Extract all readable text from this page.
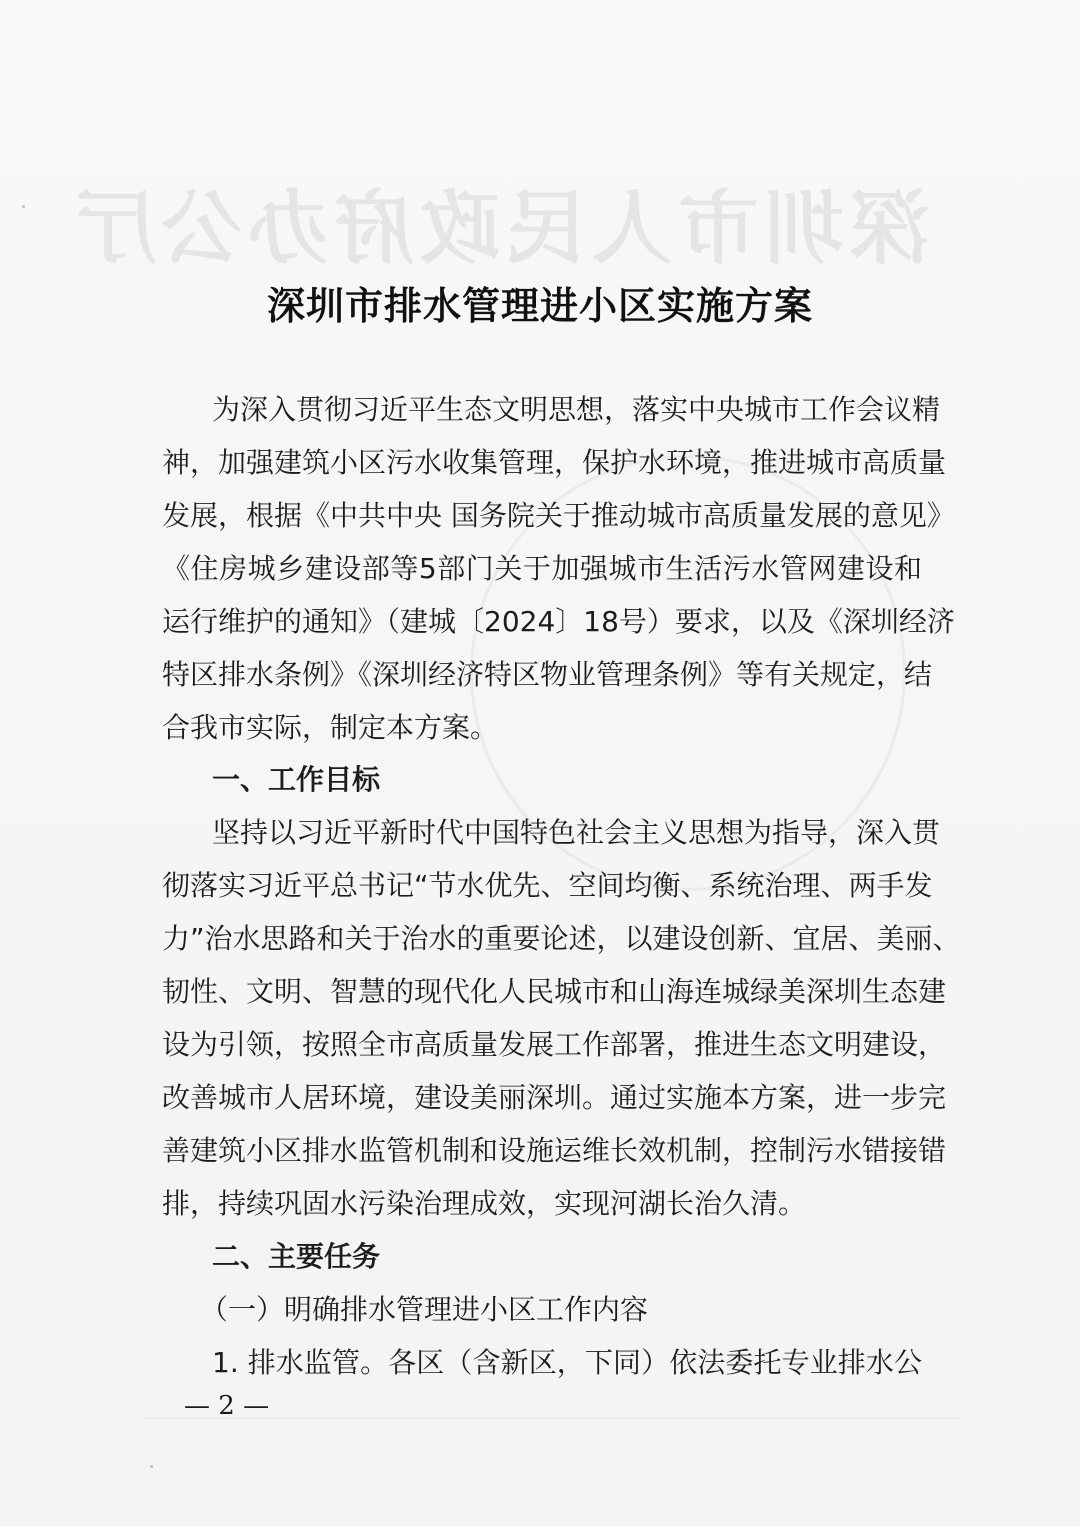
深圳市人民政府办公厅
深圳市排水管理进小区实施方案
为深入贯彻习近平生态文明思想，落实中央城市工作会议精
神，加强建筑小区污水收集管理，保护水环境，推进城市高质量
发展，根据《中共中央 国务院关于推动城市高质量发展的意见》
《住房城乡建设部等5部门关于加强城市生活污水管网建设和
运行维护的通知》（建城〔2024〕18号）要求，以及《深圳经济
特区排水条例》《深圳经济特区物业管理条例》等有关规定，结
合我市实际，制定本方案。
一、工作目标
坚持以习近平新时代中国特色社会主义思想为指导，深入贯
彻落实习近平总书记“节水优先、空间均衡、系统治理、两手发
力”治水思路和关于治水的重要论述，以建设创新、宜居、美丽、
韧性、文明、智慧的现代化人民城市和山海连城绿美深圳生态建
设为引领，按照全市高质量发展工作部署，推进生态文明建设，
改善城市人居环境，建设美丽深圳。通过实施本方案，进一步完
善建筑小区排水监管机制和设施运维长效机制，控制污水错接错
排，持续巩固水污染治理成效，实现河湖长治久清。
二、主要任务
（一）明确排水管理进小区工作内容
1. 排水监管。各区（含新区，下同）依法委托专业排水公
— 2 —
